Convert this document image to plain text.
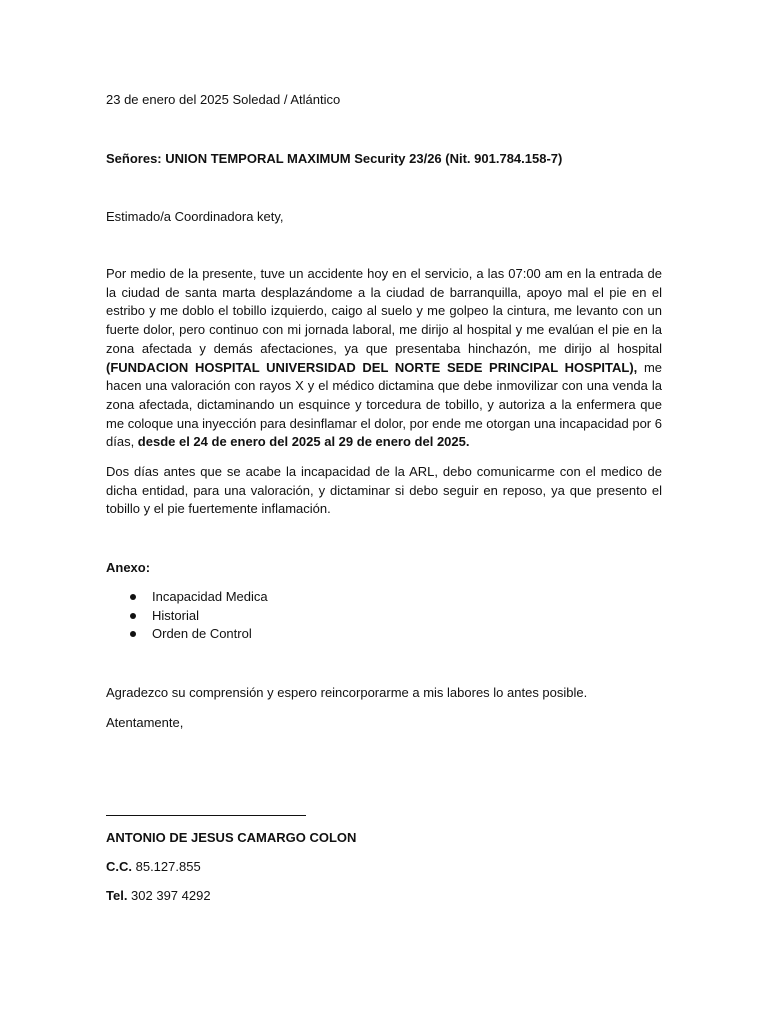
23 de enero del 2025 Soledad / Atlántico

Señores: UNION TEMPORAL MAXIMUM Security 23/26 (Nit. 901.784.158-7)

Estimado/a Coordinadora kety,

Por medio de la presente, tuve un accidente hoy en el servicio, a las 07:00 am en la entrada de la ciudad de santa marta desplazándome a la ciudad de barranquilla, apoyo mal el pie en el estribo y me doblo el tobillo izquierdo, caigo al suelo y me golpeo la cintura, me levanto con un fuerte dolor, pero continuo con mi jornada laboral, me dirijo al hospital y me evalúan el pie en la zona afectada y demás afectaciones, ya que presentaba hinchazón, me dirijo al hospital (FUNDACION HOSPITAL UNIVERSIDAD DEL NORTE SEDE PRINCIPAL HOSPITAL), me hacen una valoración con rayos X y el médico dictamina que debe inmovilizar con una venda la zona afectada, dictaminando un esquince y torcedura de tobillo, y autoriza a la enfermera que me coloque una inyección para desinflamar el dolor, por ende me otorgan una incapacidad por 6 días, desde el 24 de enero del 2025 al 29 de enero del 2025.

Dos días antes que se acabe la incapacidad de la ARL, debo comunicarme con el medico de dicha entidad, para una valoración, y dictaminar si debo seguir en reposo, ya que presento el tobillo y el pie fuertemente inflamación.

Anexo:

Incapacidad Medica
Historial
Orden de Control

Agradezco su comprensión y espero reincorporarme a mis labores lo antes posible.

Atentamente,

ANTONIO DE JESUS CAMARGO COLON

C.C. 85.127.855

Tel. 302 397 4292
